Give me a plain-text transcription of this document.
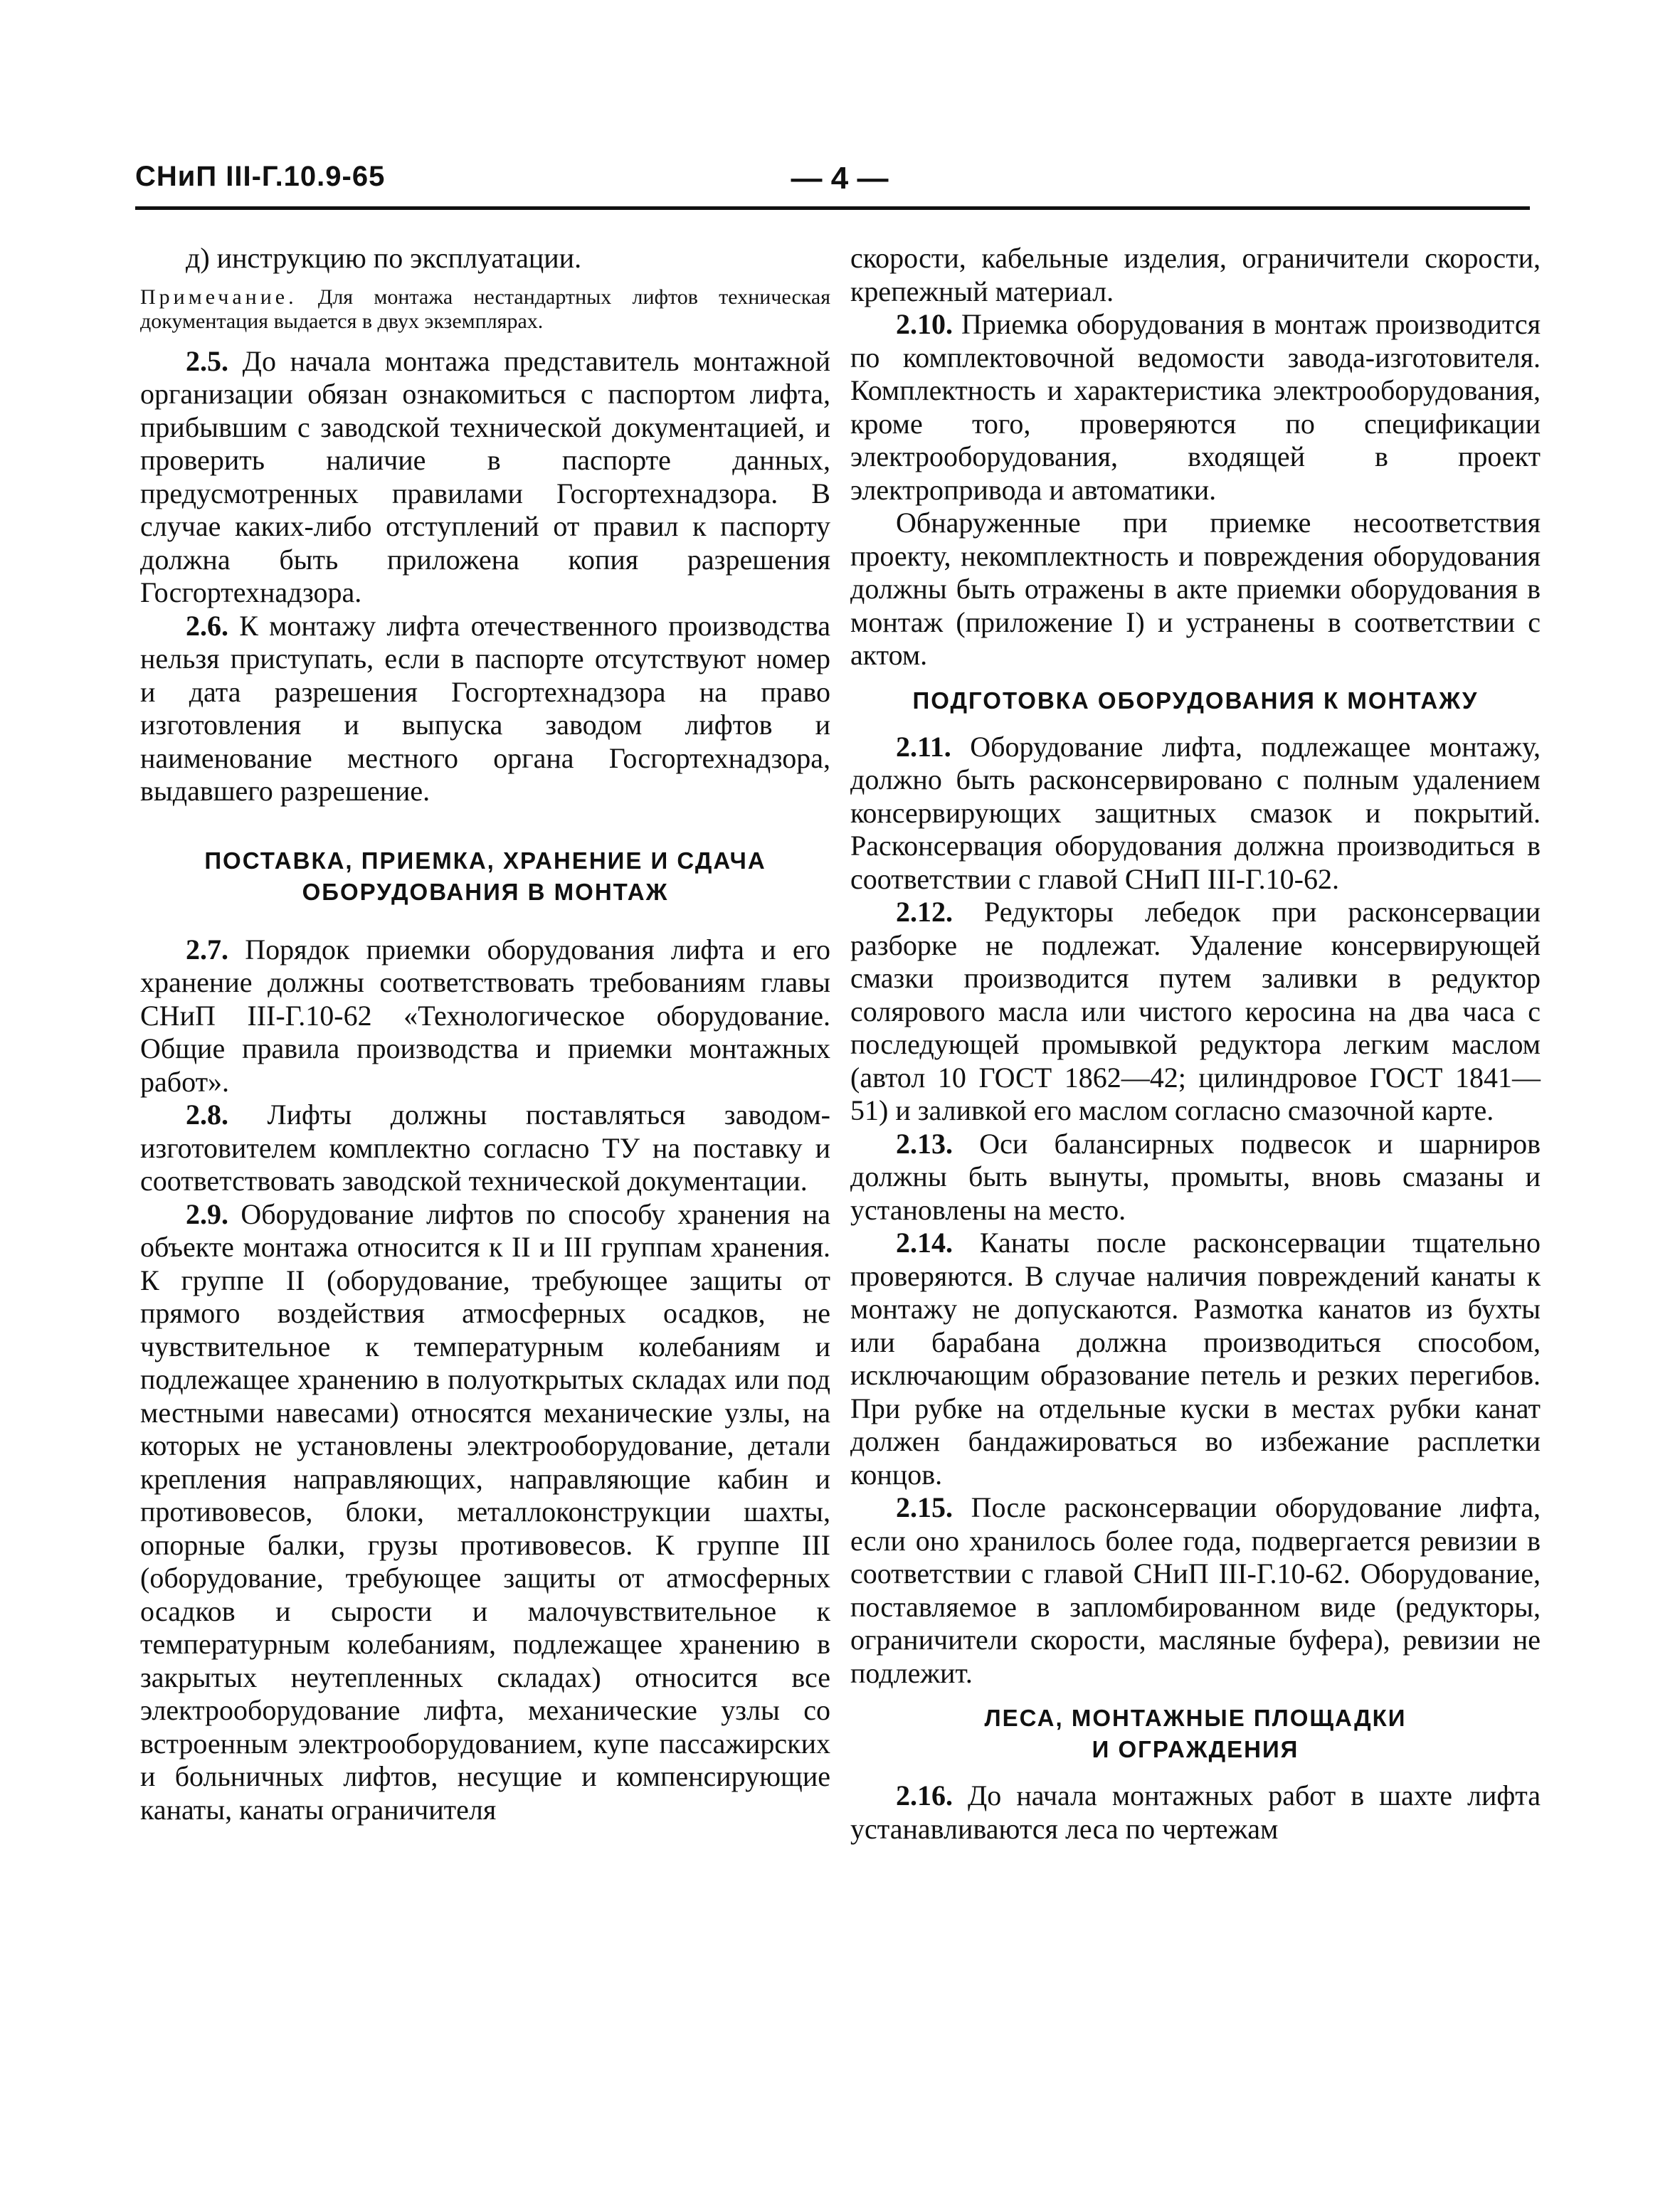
СНиП III-Г.10.9-65	— 4 —

д) инструкцию по эксплуатации.

Примечание. Для монтажа нестандартных лифтов техническая документация выдается в двух экземплярах.

2.5. До начала монтажа представитель монтажной организации обязан ознакомиться с паспортом лифта, прибывшим с заводской технической документацией, и проверить наличие в паспорте данных, предусмотренных правилами Госгортехнадзора. В случае каких-либо отступлений от правил к паспорту должна быть приложена копия разрешения Госгортехнадзора.

2.6. К монтажу лифта отечественного производства нельзя приступать, если в паспорте отсутствуют номер и дата разрешения Госгортехнадзора на право изготовления и выпуска заводом лифтов и наименование местного органа Госгортехнадзора, выдавшего разрешение.

ПОСТАВКА, ПРИЕМКА, ХРАНЕНИЕ И СДАЧА
ОБОРУДОВАНИЯ В МОНТАЖ

2.7. Порядок приемки оборудования лифта и его хранение должны соответствовать требованиям главы СНиП III-Г.10-62 «Технологическое оборудование. Общие правила производства и приемки монтажных работ».

2.8. Лифты должны поставляться заводом-изготовителем комплектно согласно ТУ на поставку и соответствовать заводской технической документации.

2.9. Оборудование лифтов по способу хранения на объекте монтажа относится к II и III группам хранения. К группе II (оборудование, требующее защиты от прямого воздействия атмосферных осадков, не чувствительное к температурным колебаниям и подлежащее хранению в полуоткрытых складах или под местными навесами) относятся механические узлы, на которых не установлены электрооборудование, детали крепления направляющих, направляющие кабин и противовесов, блоки, металлоконструкции шахты, опорные балки, грузы противовесов. К группе III (оборудование, требующее защиты от атмосферных осадков и сырости и малочувствительное к температурным колебаниям, подлежащее хранению в закрытых неутепленных складах) относится все электрооборудование лифта, механические узлы со встроенным электрооборудованием, купе пассажирских и больничных лифтов, несущие и компенсирующие канаты, канаты ограничителя

скорости, кабельные изделия, ограничители скорости, крепежный материал.

2.10. Приемка оборудования в монтаж производится по комплектовочной ведомости завода-изготовителя. Комплектность и характеристика электрооборудования, кроме того, проверяются по спецификации электрооборудования, входящей в проект электропривода и автоматики.

Обнаруженные при приемке несоответствия проекту, некомплектность и повреждения оборудования должны быть отражены в акте приемки оборудования в монтаж (приложение I) и устранены в соответствии с актом.

ПОДГОТОВКА ОБОРУДОВАНИЯ К МОНТАЖУ

2.11. Оборудование лифта, подлежащее монтажу, должно быть расконсервировано с полным удалением консервирующих защитных смазок и покрытий. Расконсервация оборудования должна производиться в соответствии с главой СНиП III-Г.10-62.

2.12. Редукторы лебедок при расконсервации разборке не подлежат. Удаление консервирующей смазки производится путем заливки в редуктор солярового масла или чистого керосина на два часа с последующей промывкой редуктора легким маслом (автол 10 ГОСТ 1862—42; цилиндровое ГОСТ 1841—51) и заливкой его маслом согласно смазочной карте.

2.13. Оси балансирных подвесок и шарниров должны быть вынуты, промыты, вновь смазаны и установлены на место.

2.14. Канаты после расконсервации тщательно проверяются. В случае наличия повреждений канаты к монтажу не допускаются. Размотка канатов из бухты или барабана должна производиться способом, исключающим образование петель и резких перегибов. При рубке на отдельные куски в местах рубки канат должен бандажироваться во избежание расплетки концов.

2.15. После расконсервации оборудование лифта, если оно хранилось более года, подвергается ревизии в соответствии с главой СНиП III-Г.10-62. Оборудование, поставляемое в запломбированном виде (редукторы, ограничители скорости, масляные буфера), ревизии не подлежит.

ЛЕСА, МОНТАЖНЫЕ ПЛОЩАДКИ
И ОГРАЖДЕНИЯ

2.16. До начала монтажных работ в шахте лифта устанавливаются леса по чертежам
